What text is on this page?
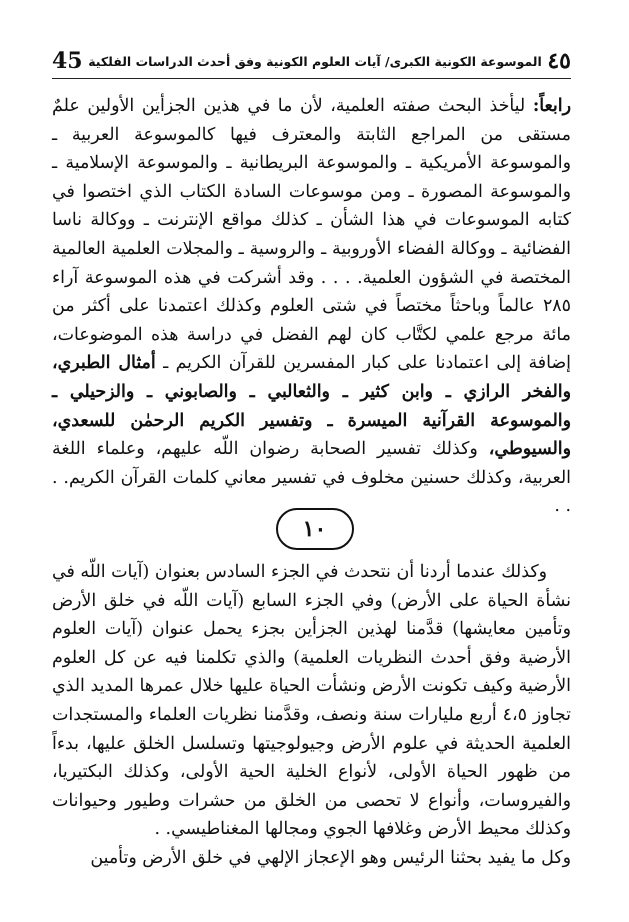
٤٥
الموسوعة الكونية الكبرى/ آيات العلوم الكونية وفق أحدث الدراسات الفلكية
45

رابعاً: ليأخذ البحث صفته العلمية، لأن ما في هذين الجزأين الأولين علمٌ مستقى من المراجع الثابتة والمعترف فيها كالموسوعة العربية ـ والموسوعة الأمريكية ـ والموسوعة البريطانية ـ والموسوعة الإسلامية ـ والموسوعة المصورة ـ ومن موسوعات السادة الكتاب الذي اختصوا في كتابه الموسوعات في هذا الشأن ـ كذلك مواقع الإنترنت ـ ووكالة ناسا الفضائية ـ ووكالة الفضاء الأوروبية ـ والروسية ـ والمجلات العلمية العالمية المختصة في الشؤون العلمية. . . . وقد أشركت في هذه الموسوعة آراء ٢٨٥ عالماً وباحثاً مختصاً في شتى العلوم وكذلك اعتمدنا على أكثر من مائة مرجع علمي لكتَّاب كان لهم الفضل في دراسة هذه الموضوعات، إضافة إلى اعتمادنا على كبار المفسرين للقرآن الكريم ـ أمثال الطبري، والفخر الرازي ـ وابن كثير ـ والثعالبي ـ والصابوني ـ والزحيلي ـ والموسوعة القرآنية الميسرة ـ وتفسير الكريم الرحمٰن للسعدي، والسيوطي، وكذلك تفسير الصحابة رضوان اللّه عليهم، وعلماء اللغة العربية، وكذلك حسنين مخلوف في تفسير معاني كلمات القرآن الكريم. . . .

١٠

وكذلك عندما أردنا أن نتحدث في الجزء السادس بعنوان (آيات اللّه في نشأة الحياة على الأرض) وفي الجزء السابع (آيات اللّه في خلق الأرض وتأمين معايشها) قدَّمنا لهذين الجزأين بجزء يحمل عنوان (آيات العلوم الأرضية وفق أحدث النظريات العلمية) والذي تكلمنا فيه عن كل العلوم الأرضية وكيف تكونت الأرض ونشأت الحياة عليها خلال عمرها المديد الذي تجاوز ٤،٥ أربع مليارات سنة ونصف، وقدَّمنا نظريات العلماء والمستجدات العلمية الحديثة في علوم الأرض وجيولوجيتها وتسلسل الخلق عليها، بدءاً من ظهور الحياة الأولى، لأنواع الخلية الحية الأولى، وكذلك البكتيريا، والفيروسات، وأنواع لا تحصى من الخلق من حشرات وطيور وحيوانات وكذلك محيط الأرض وغلافها الجوي ومجالها المغناطيسي. .

وكل ما يفيد بحثنا الرئيس وهو الإعجاز الإلهي في خلق الأرض وتأمين
